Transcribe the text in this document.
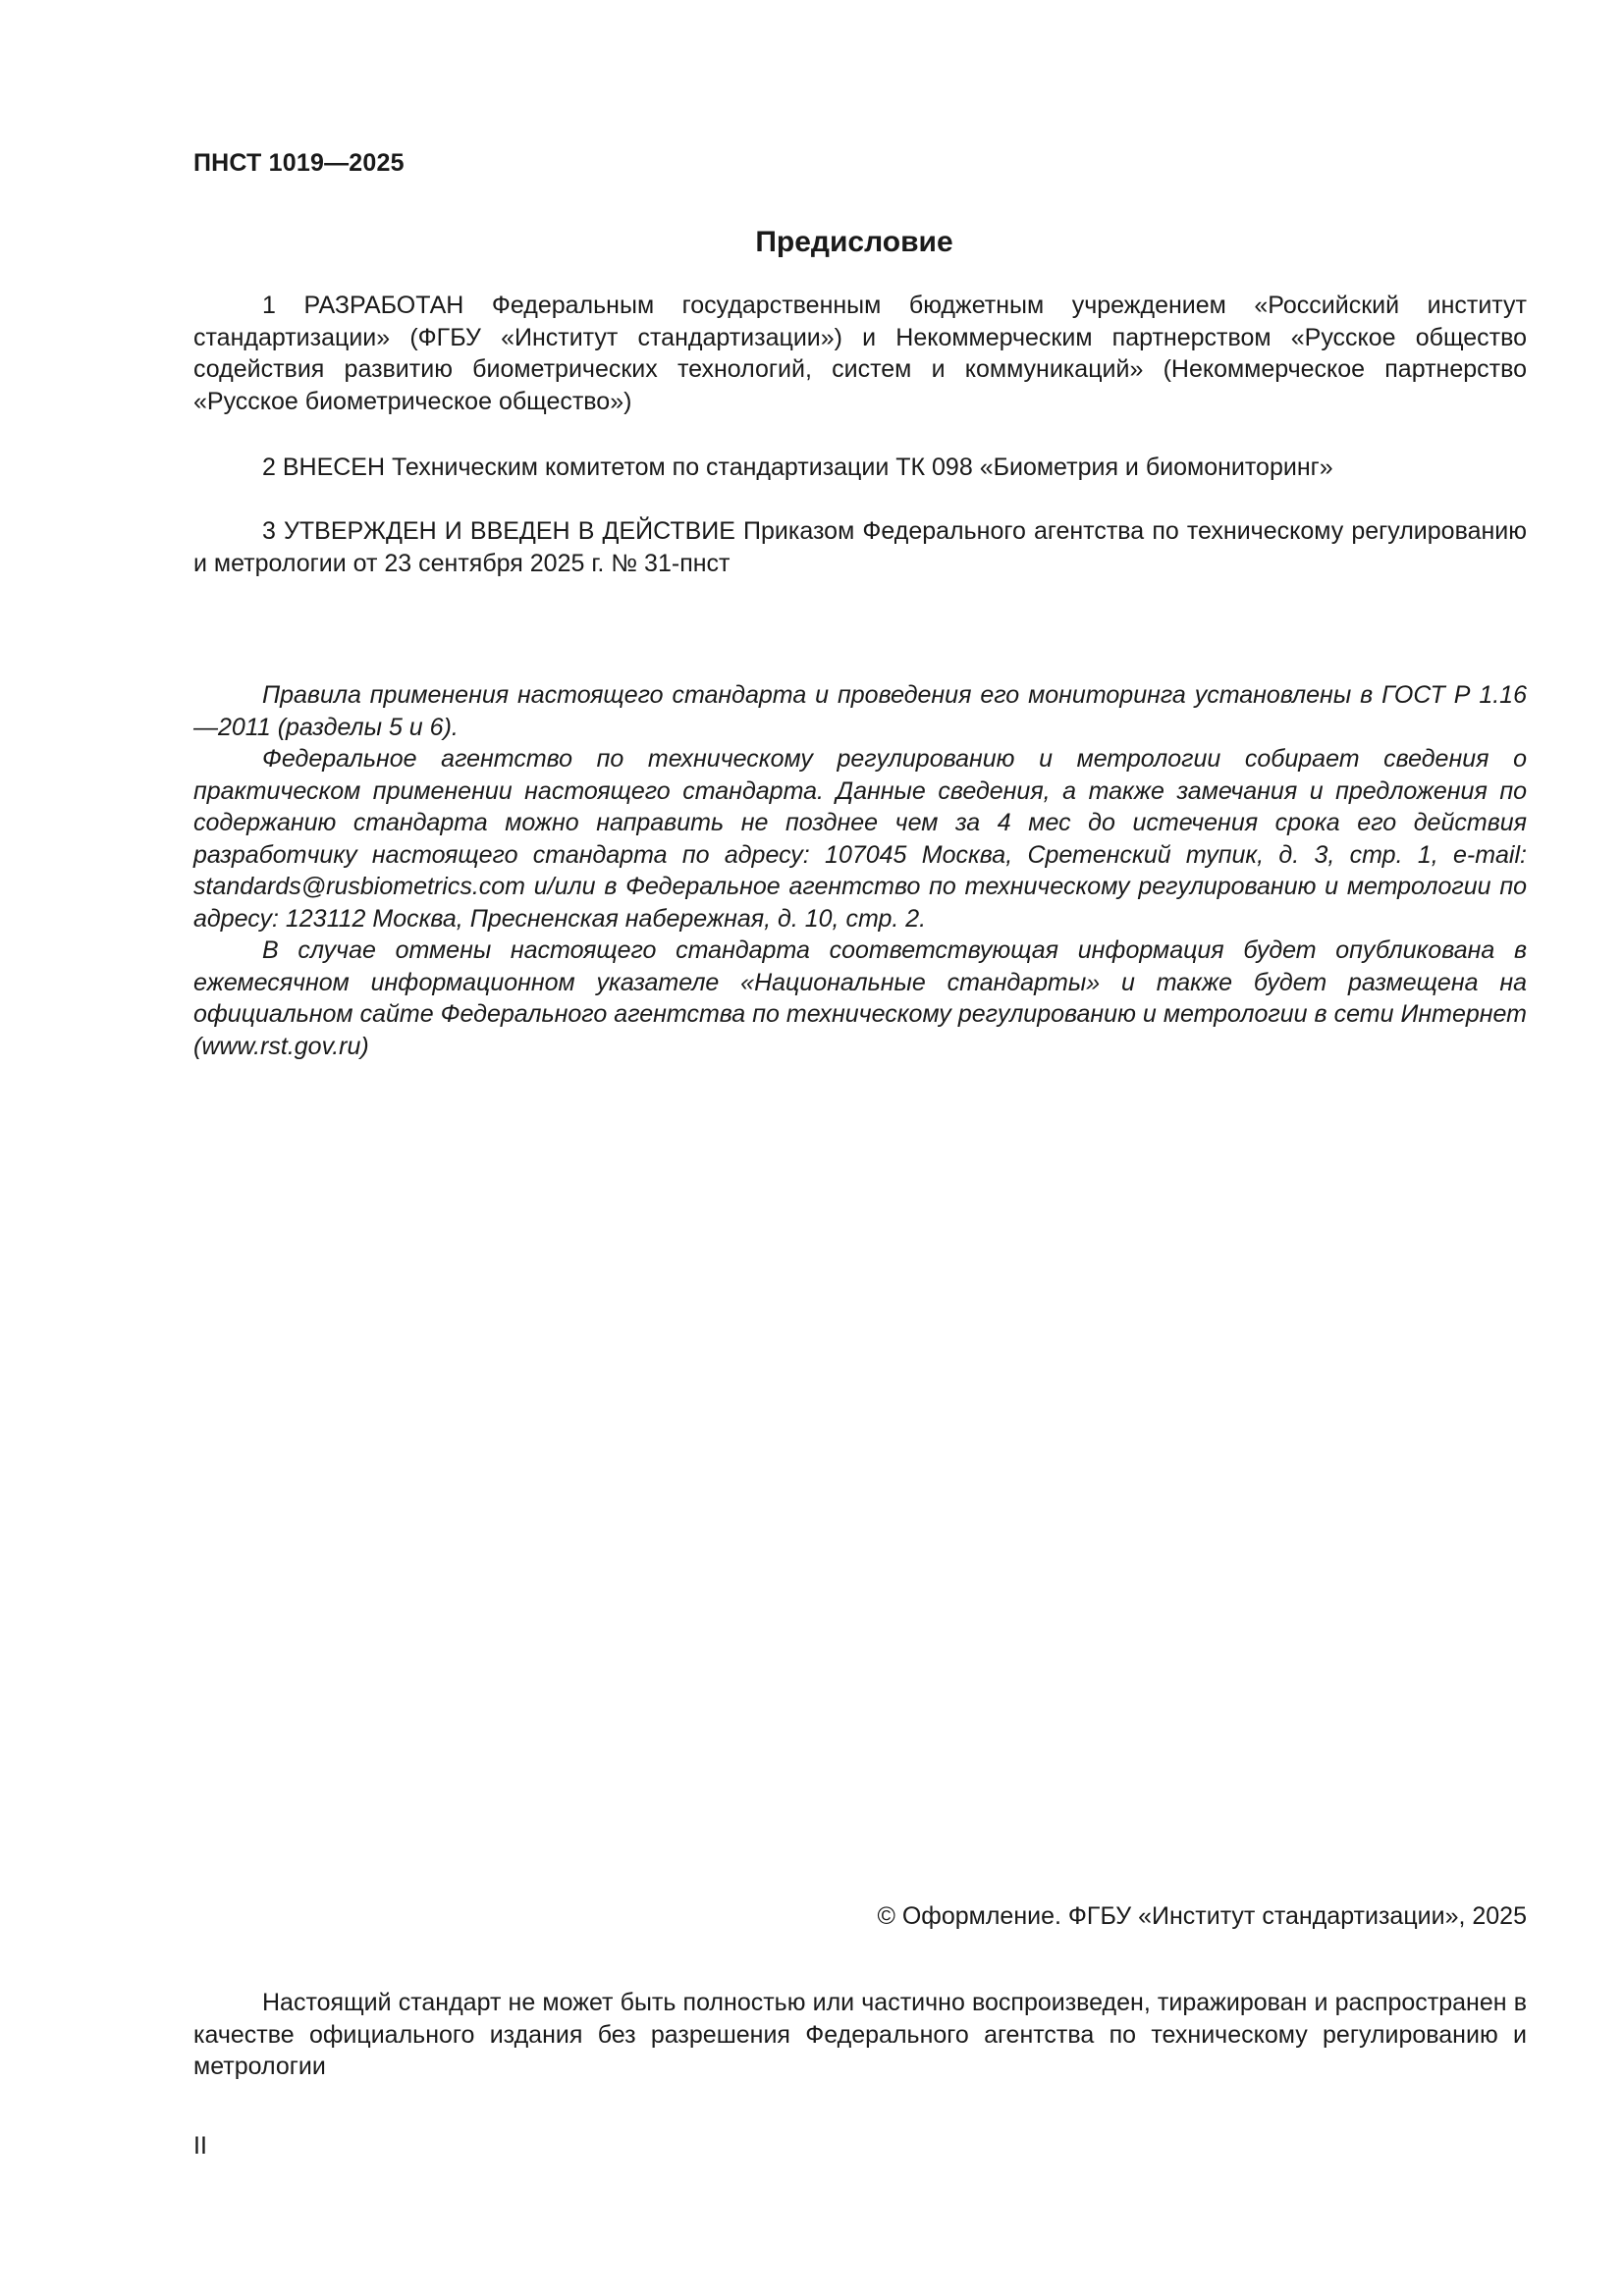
ПНСТ 1019—2025
Предисловие

1 РАЗРАБОТАН Федеральным государственным бюджетным учреждением «Российский институт стандартизации» (ФГБУ «Институт стандартизации») и Некоммерческим партнерством «Русское общество содействия развитию биометрических технологий, систем и коммуникаций» (Некоммерческое партнерство «Русское биометрическое общество»)

2 ВНЕСЕН Техническим комитетом по стандартизации ТК 098 «Биометрия и биомониторинг»

3 УТВЕРЖДЕН И ВВЕДЕН В ДЕЙСТВИЕ Приказом Федерального агентства по техническому регулированию и метрологии от 23 сентября 2025 г. № 31-пнст

Правила применения настоящего стандарта и проведения его мониторинга установлены в ГОСТ Р 1.16—2011 (разделы 5 и 6).

Федеральное агентство по техническому регулированию и метрологии собирает сведения о практическом применении настоящего стандарта. Данные сведения, а также замечания и предложения по содержанию стандарта можно направить не позднее чем за 4 мес до истечения срока его действия разработчику настоящего стандарта по адресу: 107045 Москва, Сретенский тупик, д. 3, стр. 1, e-mail: standards@rusbiometrics.com и/или в Федеральное агентство по техническому регулированию и метрологии по адресу: 123112 Москва, Пресненская набережная, д. 10, стр. 2.

В случае отмены настоящего стандарта соответствующая информация будет опубликована в ежемесячном информационном указателе «Национальные стандарты» и также будет размещена на официальном сайте Федерального агентства по техническому регулированию и метрологии в сети Интернет (www.rst.gov.ru)

© Оформление. ФГБУ «Институт стандартизации», 2025

Настоящий стандарт не может быть полностью или частично воспроизведен, тиражирован и распространен в качестве официального издания без разрешения Федерального агентства по техническому регулированию и метрологии

II
